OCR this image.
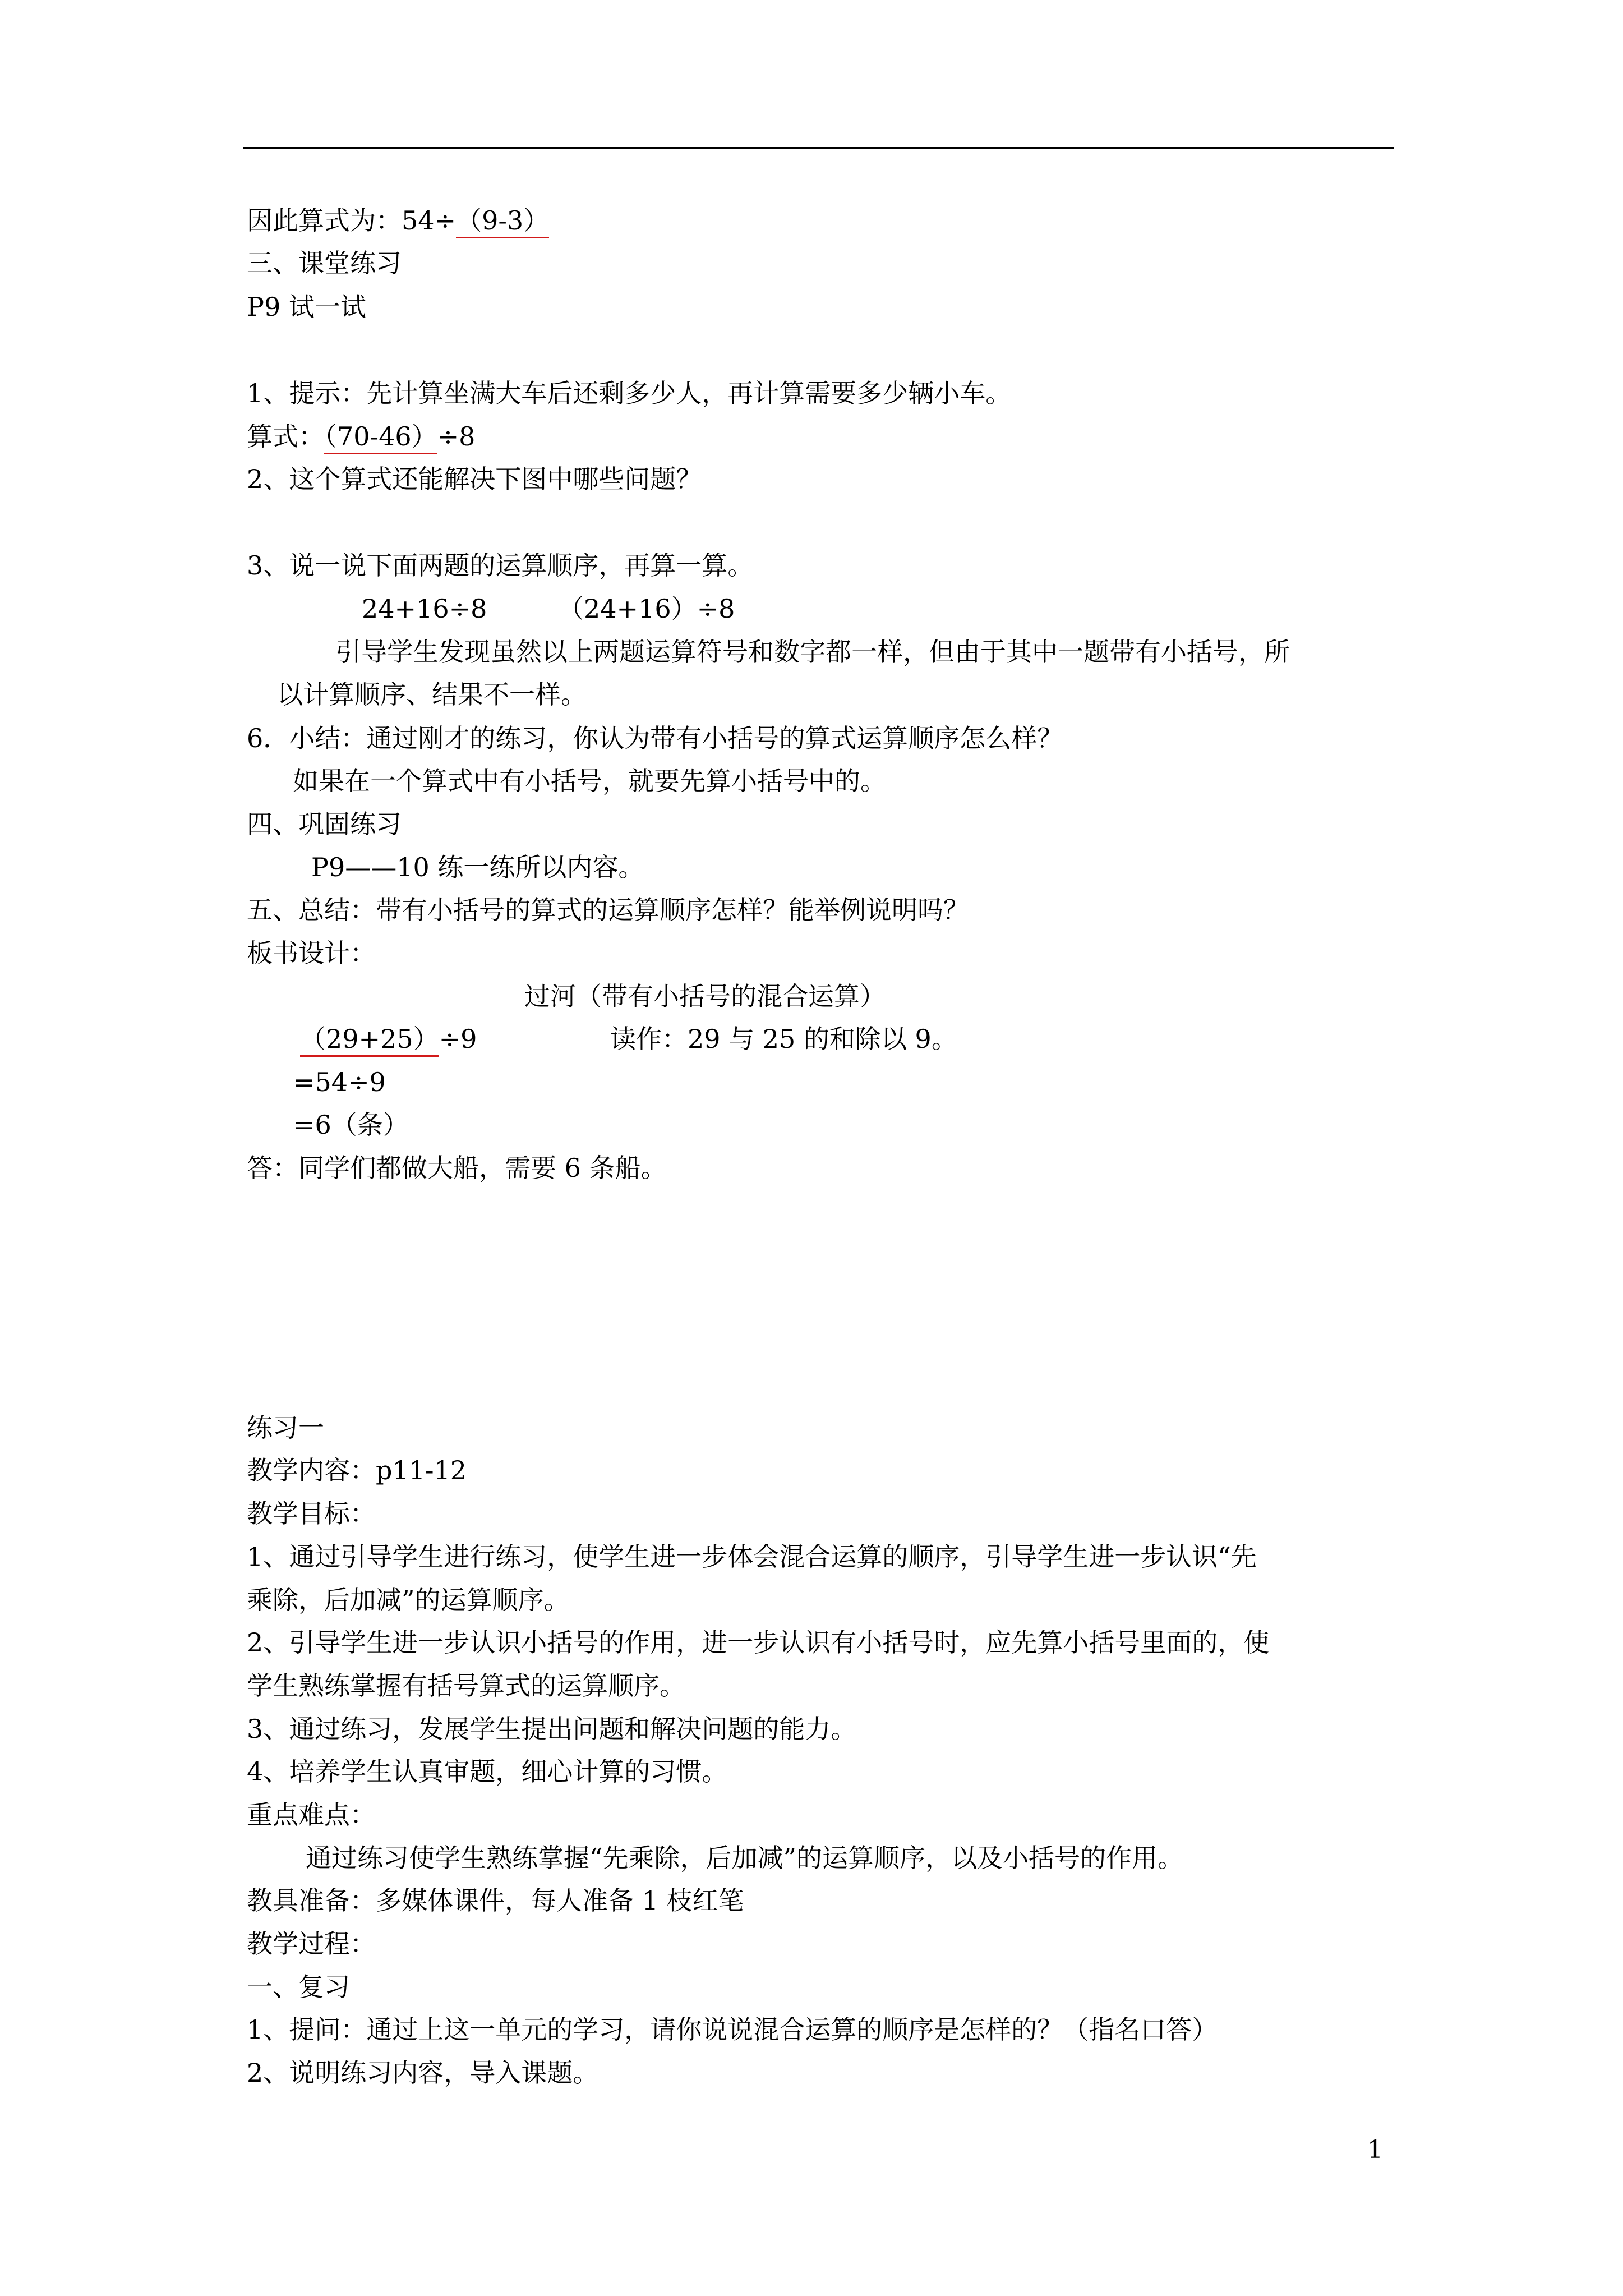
因此算式为：54÷（9-3）
三、课堂练习
P9 试一试
1、提示：先计算坐满大车后还剩多少人，再计算需要多少辆小车。
算式：（70-46）÷8
2、这个算式还能解决下图中哪些问题？
3、说一说下面两题的运算顺序，再算一算。
24+16÷8	（24+16）÷8
引导学生发现虽然以上两题运算符号和数字都一样，但由于其中一题带有小括号，所
以计算顺序、结果不一样。
6．小结：通过刚才的练习，你认为带有小括号的算式运算顺序怎么样？
如果在一个算式中有小括号，就要先算小括号中的。
四、巩固练习
P9——10 练一练所以内容。
五、总结：带有小括号的算式的运算顺序怎样？能举例说明吗？
板书设计：
过河（带有小括号的混合运算）
（29+25）÷9	读作：29 与 25 的和除以 9。
=54÷9
=6（条）
答：同学们都做大船，需要 6 条船。
练习一
教学内容：p11-12
教学目标：
1、通过引导学生进行练习，使学生进一步体会混合运算的顺序，引导学生进一步认识“先
乘除，后加减”的运算顺序。
2、引导学生进一步认识小括号的作用，进一步认识有小括号时，应先算小括号里面的，使
学生熟练掌握有括号算式的运算顺序。
3、通过练习，发展学生提出问题和解决问题的能力。
4、培养学生认真审题，细心计算的习惯。
重点难点：
通过练习使学生熟练掌握“先乘除，后加减”的运算顺序，以及小括号的作用。
教具准备：多媒体课件，每人准备 1 枝红笔
教学过程：
一、复习
1、提问：通过上这一单元的学习，请你说说混合运算的顺序是怎样的？（指名口答）
2、说明练习内容，导入课题。
1
